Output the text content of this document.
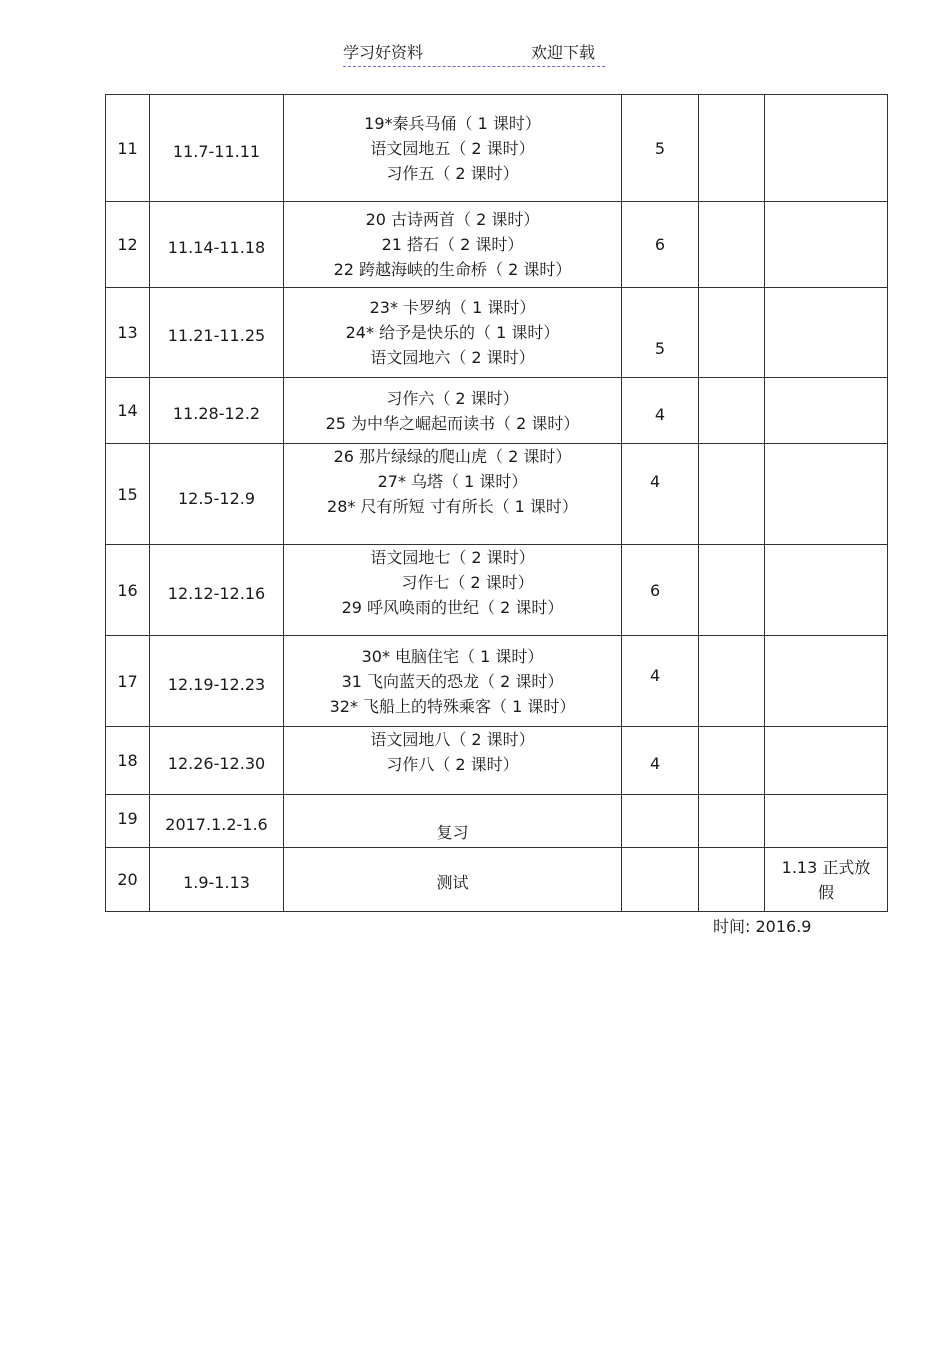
学习好资料	欢迎下载
11	11.7-11.11	19*秦兵马俑（ 1 课时）
语文园地五（ 2 课时）
习作五（ 2 课时）	5		
12	11.14-11.18	20 古诗两首（ 2 课时）
21 搭石（ 2 课时）
22 跨越海峡的生命桥（ 2 课时）	6		
13	11.21-11.25	23* 卡罗纳（ 1 课时）
24* 给予是快乐的（ 1 课时）
语文园地六（ 2 课时）	5		
14	11.28-12.2	习作六（ 2 课时）
25 为中华之崛起而读书（ 2 课时）	4		
15	12.5-12.9	26 那片绿绿的爬山虎（ 2 课时）
27* 乌塔（ 1 课时）
28* 尺有所短 寸有所长（ 1 课时）	4		
16	12.12-12.16	语文园地七（ 2 课时）
习作七（ 2 课时）
29 呼风唤雨的世纪（ 2 课时）	6		
17	12.19-12.23	30* 电脑住宅（ 1 课时）
31 飞向蓝天的恐龙（ 2 课时）
32* 飞船上的特殊乘客（ 1 课时）	4		
18	12.26-12.30	语文园地八（ 2 课时）
习作八（ 2 课时）	4		
19	2017.1.2-1.6	复习			

20	1.9-1.13	测试			1.13 正式放假
时间: 2016.9
